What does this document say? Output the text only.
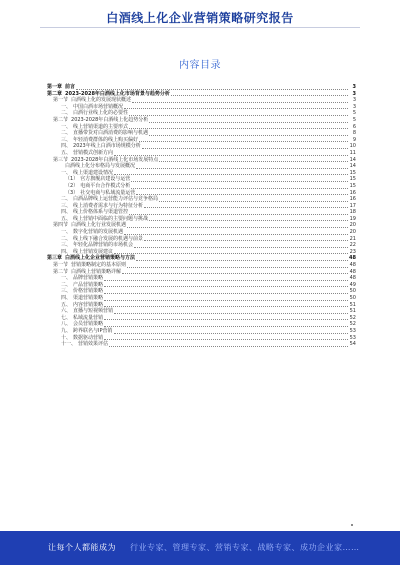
白酒线上化企业营销策略研究报告
内容目录
第一章 前言	3
第二章 2023-2028年白酒线上化市场背景与趋势分析	3
第一节 白酒线上化的发展现状概述	3
一、 中国白酒市场营销概况	3
二、 白酒行业线上化的必要性	5
第二节 2023-2028年白酒线上化趋势分析	5
一、 线上营销渠道的主要形式	6
二、 直播带货对白酒消费的影响与机遇	8
三、 年轻消费群体的线上购买偏好	9
四、 2023年线上白酒市场规模分析	10
五、 营销模式创新方向	11
第三节 2023-2028年白酒线上化市场发展特点	14
白酒线上化分布格局与发展概况	14
一、 线上渠道建设情况	15
（1） 官方旗舰店建设与运营	15
（2） 电商平台合作模式分析	15
（3） 社交电商与私域流量运营	16
二、 白酒品牌线上运营能力评估与竞争格局	16
三、 线上消费者需求与行为特征分析	17
四、 线上价格体系与渠道管控	18
五、 线上营销中面临的主要问题与挑战	19
第四节 白酒线上化行业发展机遇	20
一、 数字化营销的发展机遇	20
二、 线上线下融合发展的机遇与前景	21
三、 年轻化品牌营销的市场机会	22
四、 线上营销发展建议	23
第三章 白酒线上化企业营销策略与方法	48
第一节 营销策略制定的基本原则	48
第二节 白酒线上营销策略详解	48
一、 品牌营销策略	48
二、 产品营销策略	49
三、 价格营销策略	50
四、 渠道营销策略	50
五、 内容营销策略	51
六、 直播与短视频营销	51
七、 私域流量营销	52
八、 会员营销策略	52
九、 跨界联名与IP营销	53
十、 数据驱动营销	53
十一、 营销效果评估	54
让每个人都能成为 行业专家、管理专家、营销专家、战略专家、成功企业家……
